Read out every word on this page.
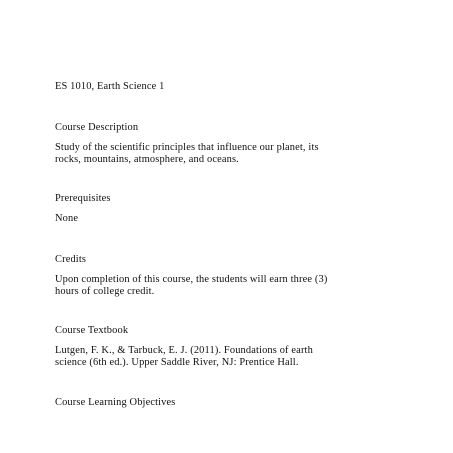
ES 1010, Earth Science 1

Course Description

Study of the scientific principles that influence our planet, its

rocks, mountains, atmosphere, and oceans.

Prerequisites

None

Credits

Upon completion of this course, the students will earn three (3)

hours of college credit.

Course Textbook

Lutgen, F. K., & Tarbuck, E. J. (2011). Foundations of earth

science (6th ed.). Upper Saddle River, NJ: Prentice Hall.

Course Learning Objectives
